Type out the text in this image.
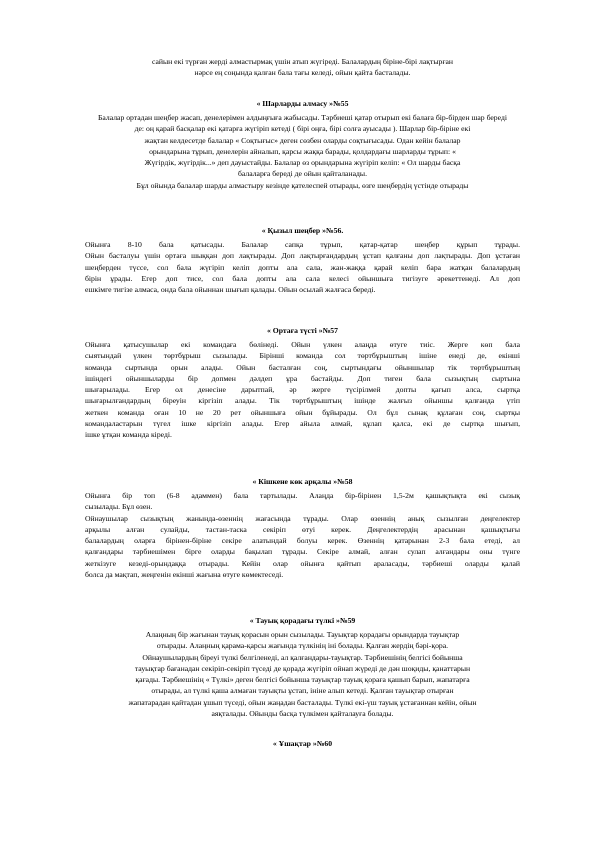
сайын екі түрған жерді алмастырмақ үшін атып жүгіреді. Балалардың біріне-бірі лақтырған
нәрсе ең соңында қалған бала тағы келеді, ойын қайта басталады.
« Шарларды алмасу »№55
Балалар ортадан шеңбер жасап, денелерімен алдыңғыға жабысады. Тәрбиеші қатар отырып екі балаға бір-бірден шар береді
де: оң қарай басқалар екі қатарға жүгіріп кетеді ( бірі оңға, бірі солға ауысады ). Шарлар бір-біріне екі
жақтан келдесетде балалар « Соқтығыс» деген сөзбен оларды соқтығысады. Одан кейін балалар
орындарына тұрып, денелерін айналып, қарсы жаққа барады, қолдардағы шарларды тұрып: «
Жүгірдік, жүгірдік...» деп дауыстайды. Балалар өз орындарына жүгіріп келіп: « Ол шарды басқа
балаларға береді де ойын қайталанады.
Бұл ойында балалар шарды алмастыру кезінде қателеспей отырады, өзге шеңбердің үстінде отырады
« Қызыл шеңбер »№56.
Ойынға 8-10 бала қатысады. Балалар сапқа тұрып, қатар-қатар шеңбер құрып тұрады.
Ойын басталуы үшін ортаға шыққан доп лақтырады. Доп лақтырғандардың ұстап қалғаны доп лақтырады. Доп ұстаған
шеңберден түссе, сол бала жүгіріп келіп допты ала сала, жан-жаққа қарай келіп бара жатқан балалардың
бірін ұрады. Егер доп тисе, сол бала допты ала сала келесі ойыншыға тигізуге әрекеттенеді. Ал доп
ешкімге тигізе алмаса, онда бала ойыннан шығып қалады. Ойын осылай жалғаса береді.
« Ортаға түсті »№57
Ойынға қатысушылар екі командаға бөлінеді. Ойын үлкен алаңда өтуге тиіс. Жерге көп бала
сыятындай үлкен төртбұрыш сызылады. Бірінші команда сол төртбұрыштың ішіне енеді де, екінші
команда сыртында орын алады. Ойын басталған соң, сыртындағы ойыншылар тік төртбұрыштың
ішіндегі ойыншыларды бір допмен дәлдеп ұра бастайды. Доп тиген бала сызықтың сыртына
шығарылады. Егер ол денесіне дарытпай, әр жерге түсірілмей допты қағып алса, сыртқа
шығарылғандардың біреуін кіргізіп алады. Тік төртбұрыштың ішінде жалғыз ойыншы қалғанда үтіп
жеткен команда оған 10 не 20 рет ойыншыға ойын бұйырады. Ол бұл сынақ құлаған соң, сыртқы
командаластарын түгел ішке кіргізіп алады. Егер айыла алмай, құлап қалса, екі де сыртқа шығып,
ішке ұтқан команда кіреді.
« Кішкене көк арқалы »№58
Ойынға бір топ (6-8 адаммен) бала тартылады. Алаңда бір-бірінен 1,5-2м қашықтықта екі сызық
сызылады. Бұл өзен.
Ойнаушылар сызықтың жанында-өзеннің жағасында тұрады. Олар өзеннің анық сызылған деңгелектер
арқылы алған сулайды, тастан-таска секіріп өтуі керек. Деңгелектердің арасынан қашықтығы
балалардың оларға бірінен-біріне секіре алатындай болуы керек. Өзеннің қатарынан 2-3 бала етеді, ал
қалғандары тәрбиешімен бірге оларды бақылап тұрады. Секіре алмай, алған сулап алғандары оны түнге
жеткізуге кезеді-орындаққа отырады. Кейін олар ойынға қайтып араласады, тәрбиеші оларды қалай
болса да мақтап, жеңгенін екінші жағына өтуге көмектеседі.
« Тауық қорадағы түлкі »№59
Алаңның бір жағынан тауық қорасын орын сызылады. Тауықтар қорадағы орындарда тауықтар
отырады. Алаңның қарама-қарсы жағында түлкінің іні болады. Қалған жердің бәрі-қора.
Ойнаушылардың біреуі түлкі белгіленеді, ал қалғандары-тауықтар. Тәрбиешінің белгісі бойынша
тауықтар бағанадан секіріп-секіріп түседі де қорада жүгіріп ойнап жүреді де дән шоқиды, қанаттарын
қағады. Тәрбиешінің « Түлкі» деген белгісі бойынша тауықтар тауық қораға қашып барып, жапатарға
отырады, ал түлкі қаша алмаған тауықты ұстап, ініне алып кетеді. Қалған тауықтар отырған
жапатарадан қайтадан ұшып түседі, ойын жаңадан басталады. Түлкі екі-үш тауық ұстағаннан кейін, ойын
аяқталады. Ойынды басқа түлкімен қайталауға болады.
« Ұшақтар »№60
